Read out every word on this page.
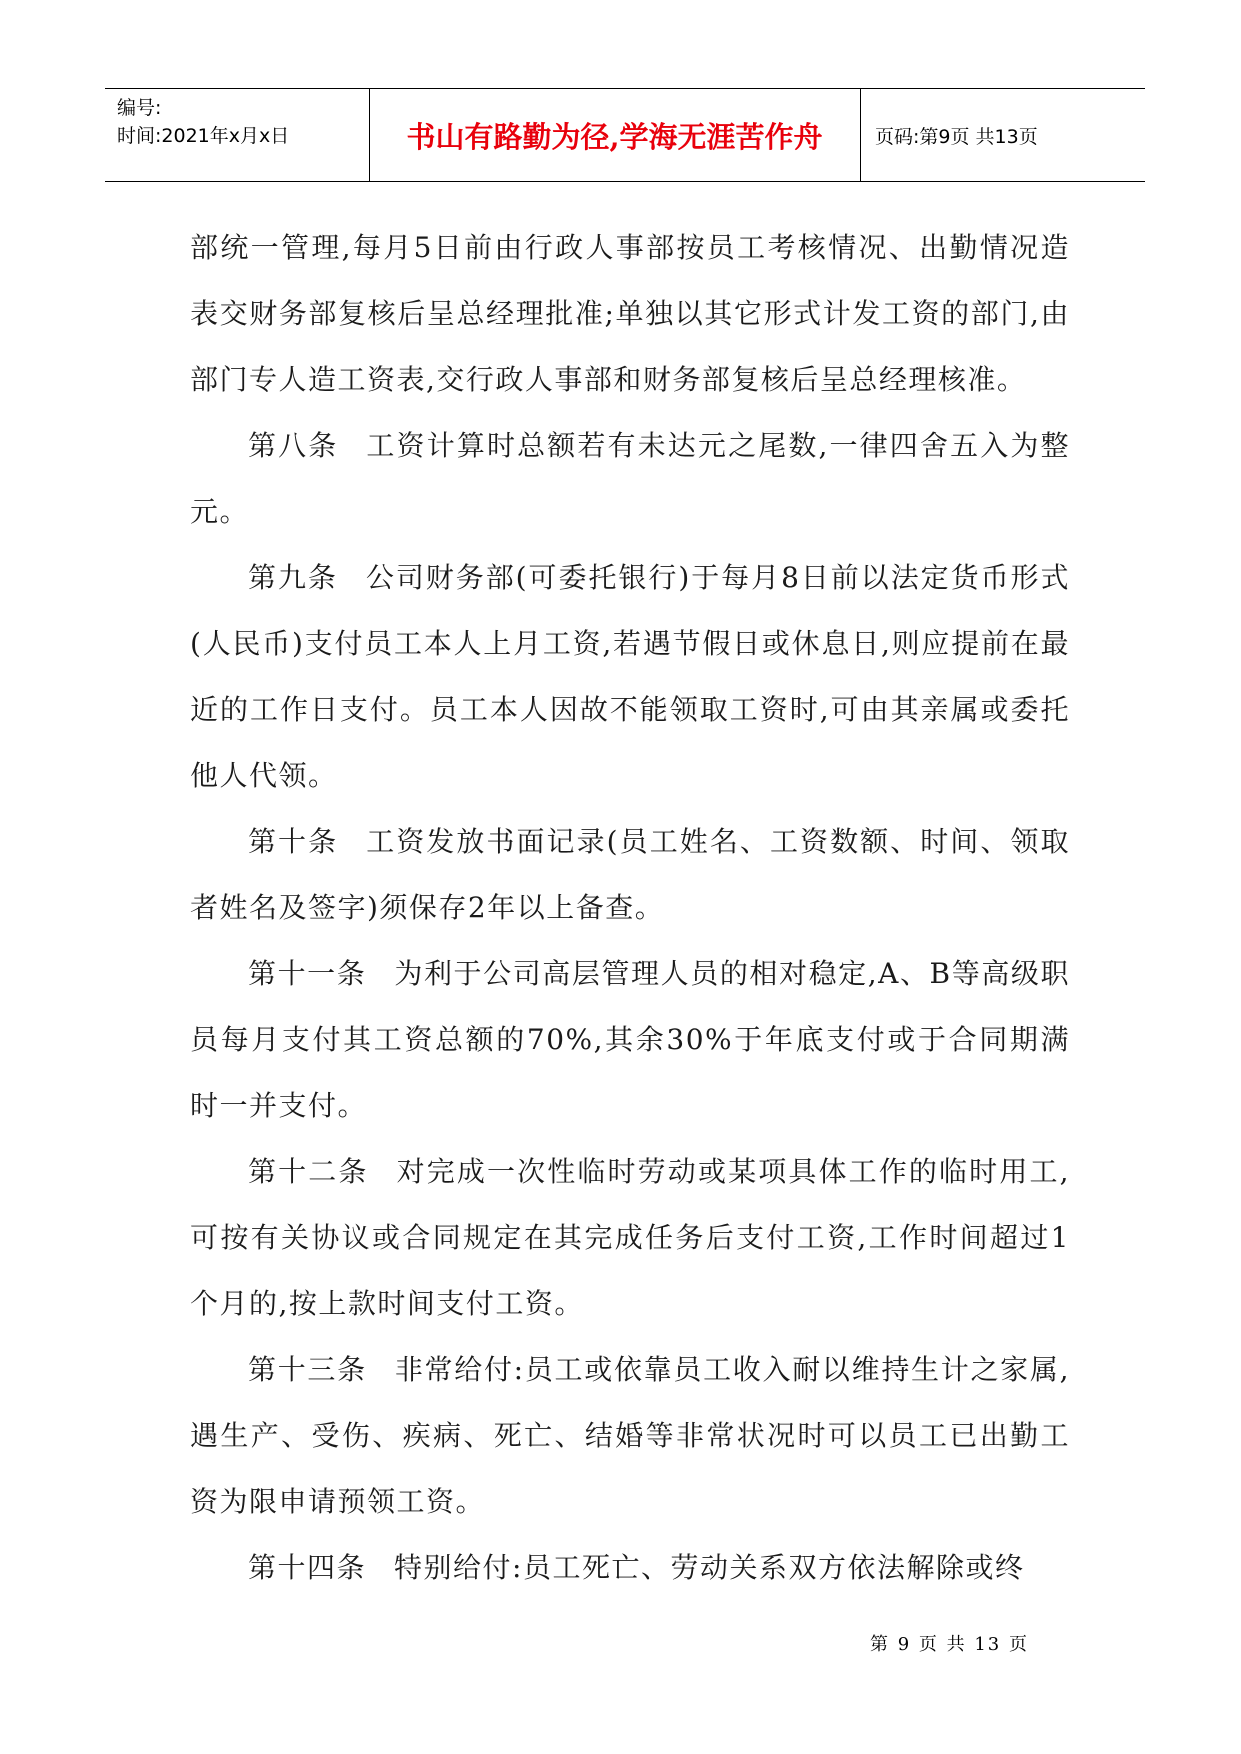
编号:
时间:2021年x月x日	书山有路勤为径,学海无涯苦作舟	页码:第9页 共13页

部统一管理,每月5日前由行政人事部按员工考核情况、出勤情况造表交财务部复核后呈总经理批准;单独以其它形式计发工资的部门,由部门专人造工资表,交行政人事部和财务部复核后呈总经理核准。

第八条 工资计算时总额若有未达元之尾数,一律四舍五入为整元。

第九条 公司财务部(可委托银行)于每月8日前以法定货币形式(人民币)支付员工本人上月工资,若遇节假日或休息日,则应提前在最近的工作日支付。员工本人因故不能领取工资时,可由其亲属或委托他人代领。

第十条 工资发放书面记录(员工姓名、工资数额、时间、领取者姓名及签字)须保存2年以上备查。

第十一条 为利于公司高层管理人员的相对稳定,A、B等高级职员每月支付其工资总额的70%,其余30%于年底支付或于合同期满时一并支付。

第十二条 对完成一次性临时劳动或某项具体工作的临时用工,可按有关协议或合同规定在其完成任务后支付工资,工作时间超过1个月的,按上款时间支付工资。

第十三条 非常给付:员工或依靠员工收入耐以维持生计之家属,遇生产、受伤、疾病、死亡、结婚等非常状况时可以员工已出勤工资为限申请预领工资。

第十四条 特别给付:员工死亡、劳动关系双方依法解除或终

第 9 页 共 13 页
